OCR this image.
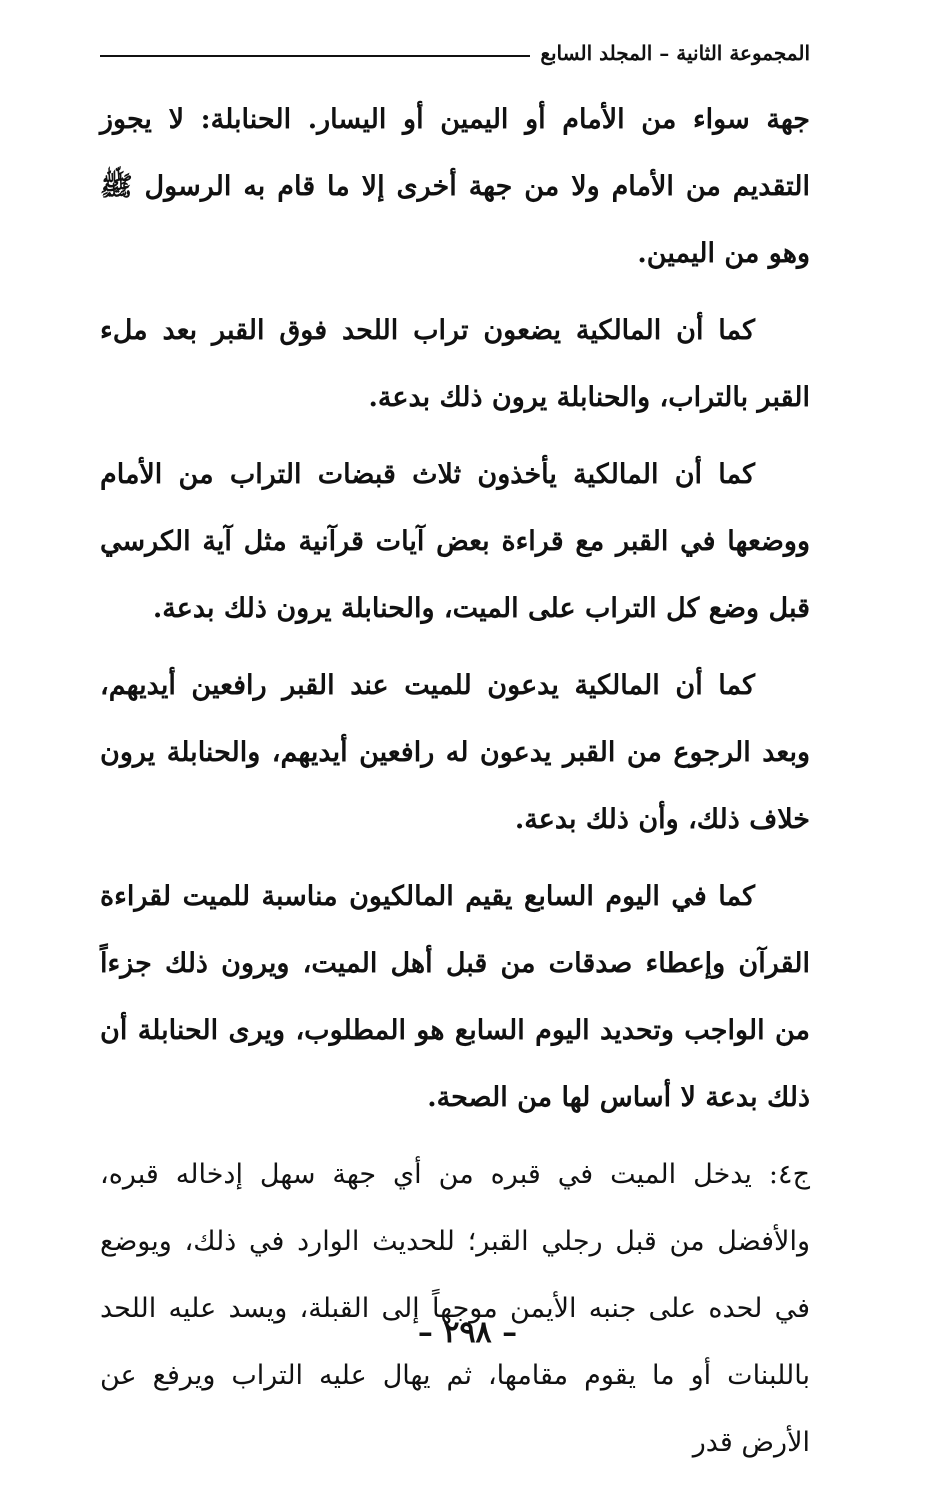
المجموعة الثانية – المجلد السابع

جهة سواء من الأمام أو اليمين أو اليسار. الحنابلة: لا يجوز التقديم من الأمام ولا من جهة أخرى إلا ما قام به الرسول ﷺ وهو من اليمين.

كما أن المالكية يضعون تراب اللحد فوق القبر بعد ملء القبر بالتراب، والحنابلة يرون ذلك بدعة.

كما أن المالكية يأخذون ثلاث قبضات التراب من الأمام ووضعها في القبر مع قراءة بعض آيات قرآنية مثل آية الكرسي قبل وضع كل التراب على الميت، والحنابلة يرون ذلك بدعة.

كما أن المالكية يدعون للميت عند القبر رافعين أيديهم، وبعد الرجوع من القبر يدعون له رافعين أيديهم، والحنابلة يرون خلاف ذلك، وأن ذلك بدعة.

كما في اليوم السابع يقيم المالكيون مناسبة للميت لقراءة القرآن وإعطاء صدقات من قبل أهل الميت، ويرون ذلك جزءاً من الواجب وتحديد اليوم السابع هو المطلوب، ويرى الحنابلة أن ذلك بدعة لا أساس لها من الصحة.

ج٤: يدخل الميت في قبره من أي جهة سهل إدخاله قبره، والأفضل من قبل رجلي القبر؛ للحديث الوارد في ذلك، ويوضع في لحده على جنبه الأيمن موجهاً إلى القبلة، ويسد عليه اللحد باللبنات أو ما يقوم مقامها، ثم يهال عليه التراب ويرفع عن الأرض قدر

– ٢٩٨ –
